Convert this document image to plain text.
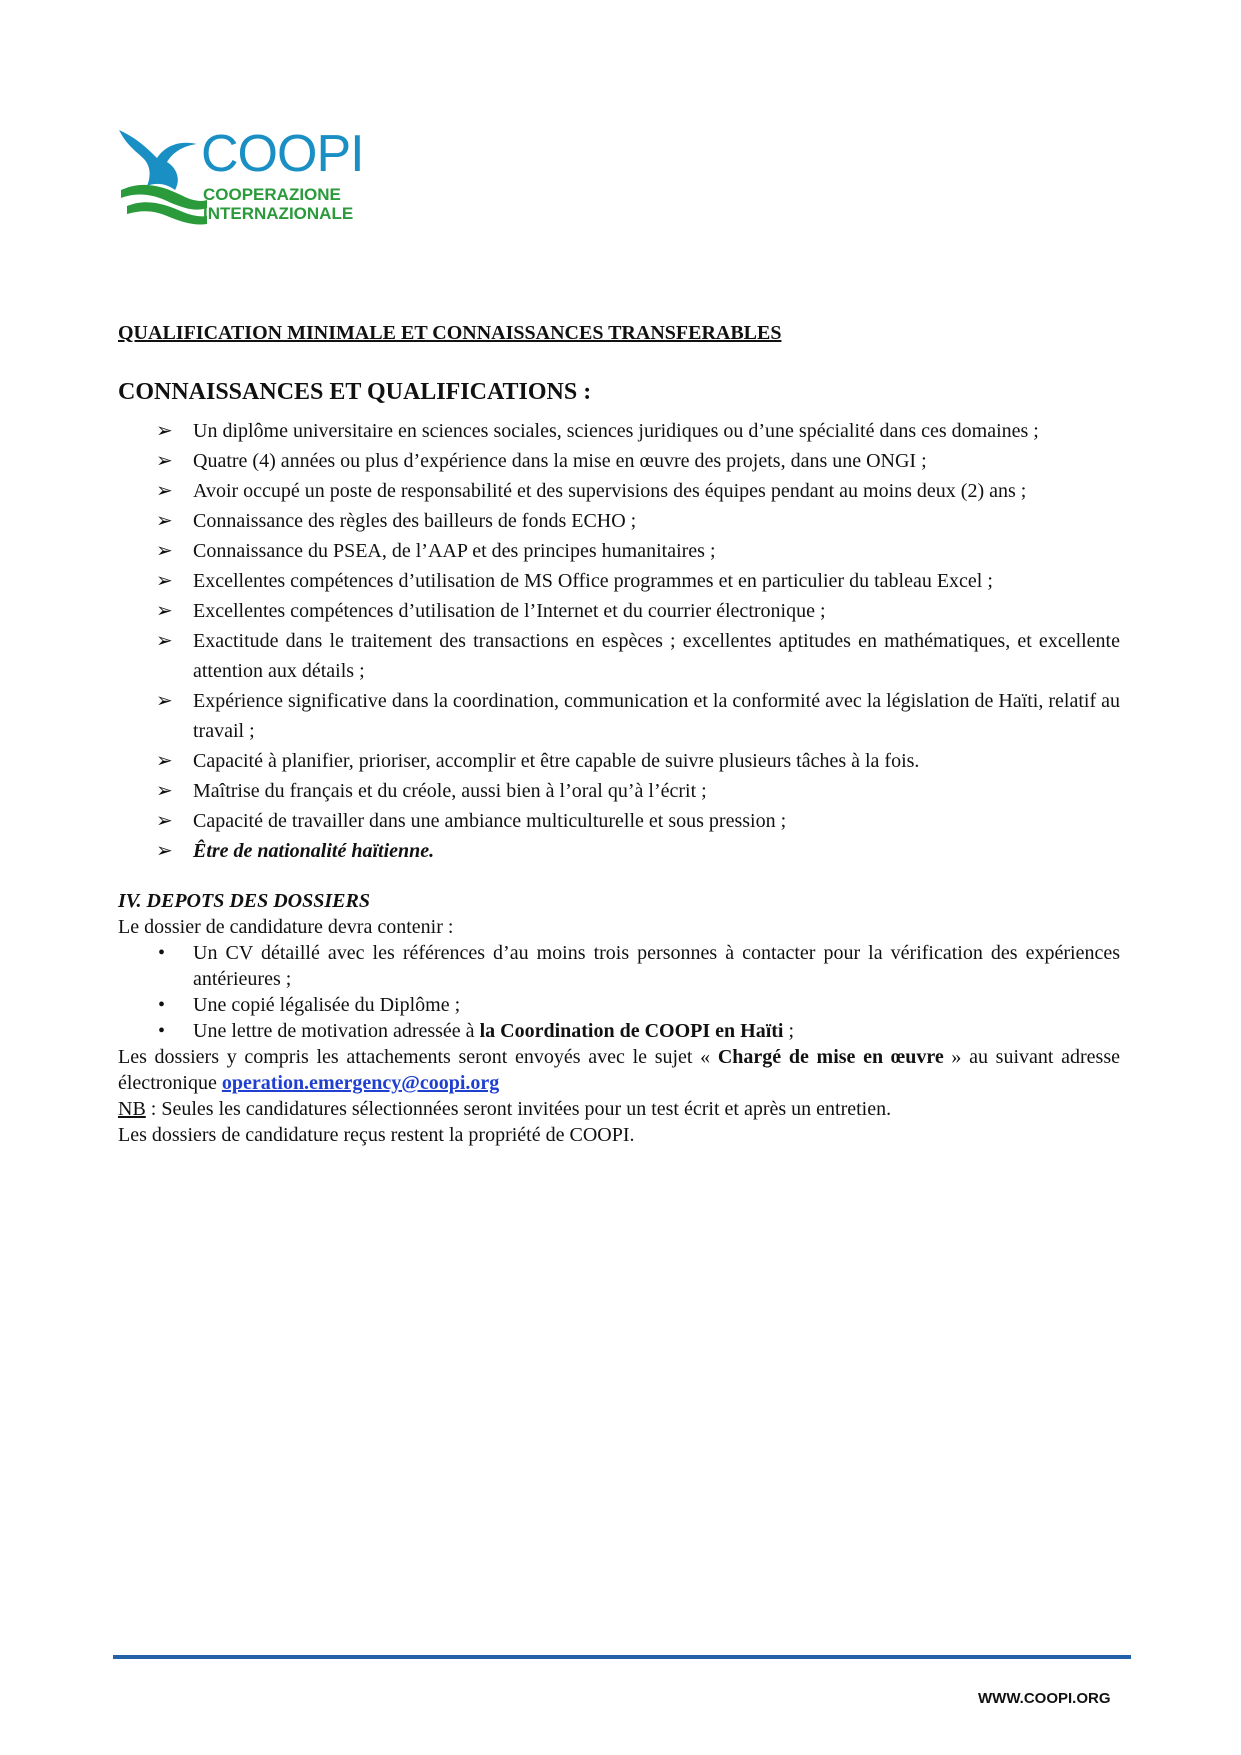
COOPI
COOPERAZIONE
INTERNAZIONALE

QUALIFICATION MINIMALE ET CONNAISSANCES TRANSFERABLES

CONNAISSANCES ET QUALIFICATIONS :
➢ Un diplôme universitaire en sciences sociales, sciences juridiques ou d’une spécialité dans ces domaines ;
➢ Quatre (4) années ou plus d’expérience dans la mise en œuvre des projets, dans une ONGI ;
➢ Avoir occupé un poste de responsabilité et des supervisions des équipes pendant au moins deux (2) ans ;
➢ Connaissance des règles des bailleurs de fonds ECHO ;
➢ Connaissance du PSEA, de l’AAP et des principes humanitaires ;
➢ Excellentes compétences d’utilisation de MS Office programmes et en particulier du tableau Excel ;
➢ Excellentes compétences d’utilisation de l’Internet et du courrier électronique ;
➢ Exactitude dans le traitement des transactions en espèces ; excellentes aptitudes en mathématiques, et excellente attention aux détails ;
➢ Expérience significative dans la coordination, communication et la conformité avec la législation de Haïti, relatif au travail ;
➢ Capacité à planifier, prioriser, accomplir et être capable de suivre plusieurs tâches à la fois.
➢ Maîtrise du français et du créole, aussi bien à l’oral qu’à l’écrit ;
➢ Capacité de travailler dans une ambiance multiculturelle et sous pression ;
➢ Être de nationalité haïtienne.
IV. DEPOTS DES DOSSIERS
Le dossier de candidature devra contenir :
• Un CV détaillé avec les références d’au moins trois personnes à contacter pour la vérification des expériences antérieures ;
• Une copié légalisée du Diplôme ;
• Une lettre de motivation adressée à la Coordination de COOPI en Haïti ;
Les dossiers y compris les attachements seront envoyés avec le sujet « Chargé de mise en œuvre » au suivant adresse électronique operation.emergency@coopi.org
NB : Seules les candidatures sélectionnées seront invitées pour un test écrit et après un entretien.
Les dossiers de candidature reçus restent la propriété de COOPI.
WWW.COOPI.ORG
